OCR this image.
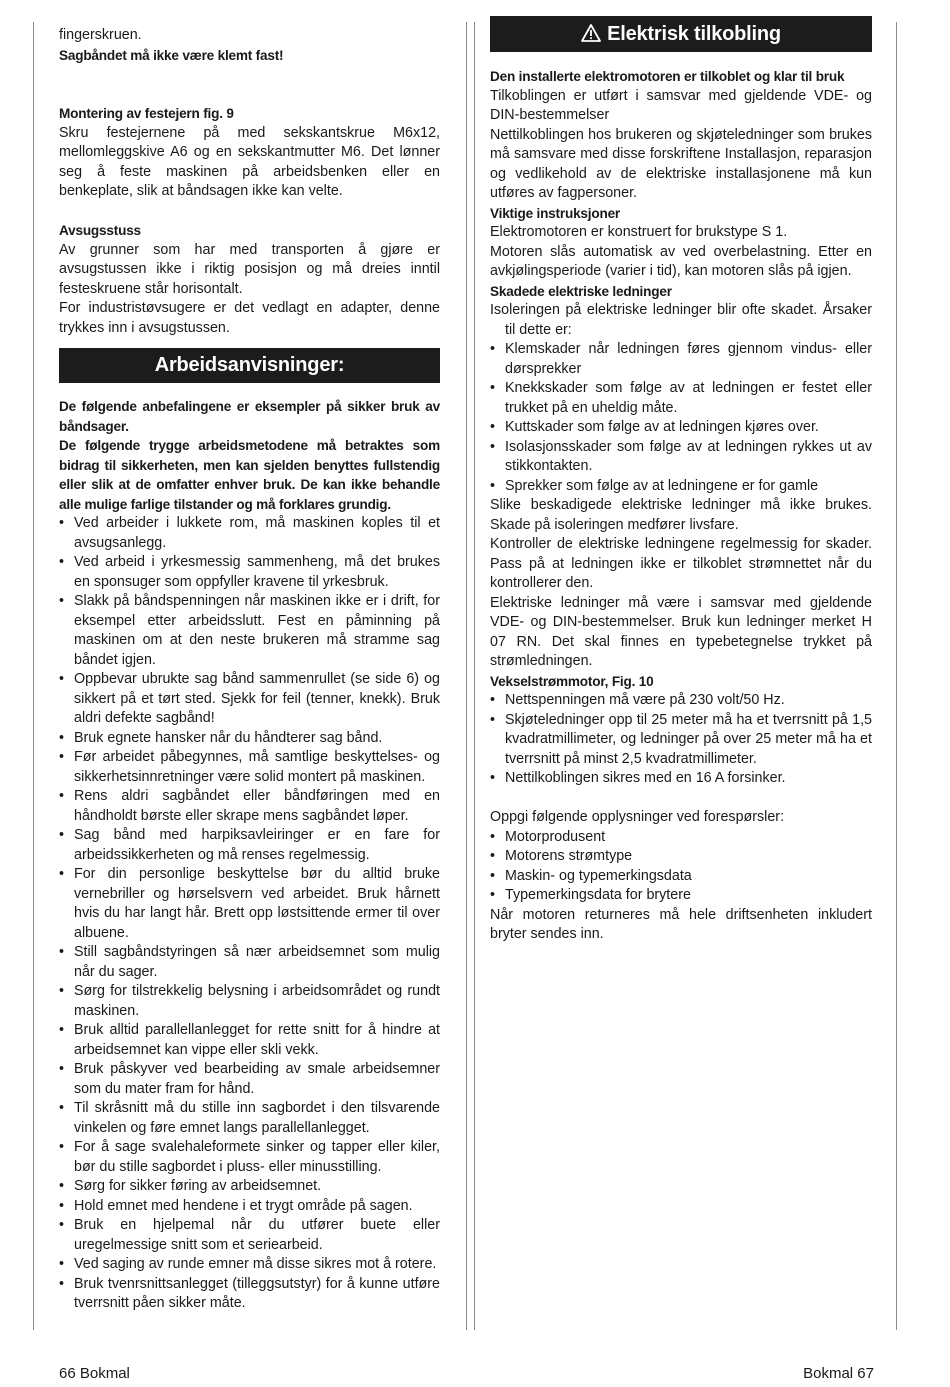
fingerskruen.

Sagbåndet må ikke være klemt fast!

Montering av festejern fig. 9

Skru festejernene på med sekskantskrue M6x12, mellomleggskive A6 og en sekskantmutter M6. Det lønner seg å feste maskinen på arbeidsbenken eller en benkeplate, slik at båndsagen ikke kan velte.

Avsugsstuss

Av grunner som har med transporten å gjøre er avsugstussen ikke i riktig posisjon og må dreies inntil festeskruene står horisontalt.

For industristøvsugere er det vedlagt en adapter, denne trykkes inn i avsugstussen.

Arbeidsanvisninger:

De følgende anbefalingene er eksempler på sikker bruk av båndsager.

De følgende trygge arbeidsmetodene må betraktes som bidrag til sikkerheten, men kan sjelden benyttes fullstendig eller slik at de omfatter enhver bruk. De kan ikke behandle alle mulige farlige tilstander og må forklares grundig.

• Ved arbeider i lukkete rom, må maskinen koples til et avsugsanlegg.
• Ved arbeid i yrkesmessig sammenheng, må det brukes en sponsuger som oppfyller kravene til yrkesbruk.
• Slakk på båndspenningen når maskinen ikke er i drift, for eksempel etter arbeidsslutt. Fest en påminning på maskinen om at den neste brukeren må stramme sag båndet igjen.
• Oppbevar ubrukte sag bånd sammenrullet (se side 6) og sikkert på et tørt sted. Sjekk for feil (tenner, knekk). Bruk aldri defekte sagbånd!
• Bruk egnete hansker når du håndterer sag bånd.
• Før arbeidet påbegynnes, må samtlige beskyttelses- og sikkerhetsinnretninger være solid montert på maskinen.
• Rens aldri sagbåndet eller båndføringen med en håndholdt børste eller skrape mens sagbåndet løper.
• Sag bånd med harpiksavleiringer er en fare for arbeidssikkerheten og må renses regelmessig.
• For din personlige beskyttelse bør du alltid bruke vernebriller og hørselsvern ved arbeidet. Bruk hårnett hvis du har langt hår. Brett opp løstsittende ermer til over albuene.
• Still sagbåndstyringen så nær arbeidsemnet som mulig når du sager.
• Sørg for tilstrekkelig belysning i arbeidsområdet og rundt maskinen.
• Bruk alltid parallellanlegget for rette snitt for å hindre at arbeidsemnet kan vippe eller skli vekk.
• Bruk påskyver ved bearbeiding av smale arbeidsemner som du mater fram for hånd.
• Til skråsnitt må du stille inn sagbordet i den tilsvarende vinkelen og føre emnet langs parallellanlegget.
• For å sage svalehaleformete sinker og tapper eller kiler, bør du stille sagbordet i pluss- eller minusstilling.
• Sørg for sikker føring av arbeidsemnet.
• Hold emnet med hendene i et trygt område på sagen.
• Bruk en hjelpemal når du utfører buete eller uregelmessige snitt som et seriearbeid.
• Ved saging av runde emner må disse sikres mot å rotere.
• Bruk tvenrsnittsanlegget (tilleggsutstyr) for å kunne utføre tverrsnitt påen sikker måte.
Elektrisk tilkobling

Den installerte elektromotoren er tilkoblet og klar til bruk

Tilkoblingen er utført i samsvar med gjeldende VDE- og DIN-bestemmelser

Nettilkoblingen hos brukeren og skjøteledninger som brukes må samsvare med disse forskriftene Installasjon, reparasjon og vedlikehold av de elektriske installasjonene må kun utføres av fagpersoner.

Viktige instruksjoner

Elektromotoren er konstruert for brukstype S 1.

Motoren slås automatisk av ved overbelastning. Etter en avkjølingsperiode (varier i tid), kan motoren slås på igjen.

Skadede elektriske ledninger

Isoleringen på elektriske ledninger blir ofte skadet. Årsaker til dette er:

• Klemskader når ledningen føres gjennom vindus- eller dørsprekker
• Knekkskader som følge av at ledningen er festet eller trukket på en uheldig måte.
• Kuttskader som følge av at ledningen kjøres over.
• Isolasjonsskader som følge av at ledningen rykkes ut av stikkontakten.
• Sprekker som følge av at ledningene er for gamle

Slike beskadigede elektriske ledninger må ikke brukes. Skade på isoleringen medfører livsfare.

Kontroller de elektriske ledningene regelmessig for skader. Pass på at ledningen ikke er tilkoblet strømnettet når du kontrollerer den.

Elektriske ledninger må være i samsvar med gjeldende VDE- og DIN-bestemmelser. Bruk kun ledninger merket H 07 RN. Det skal finnes en typebetegnelse trykket på strømledningen.

Vekselstrømmotor, Fig. 10

• Nettspenningen må være på 230 volt/50 Hz.
• Skjøteledninger opp til 25 meter må ha et tverrsnitt på 1,5 kvadratmillimeter, og ledninger på over 25 meter må ha et tverrsnitt på minst 2,5 kvadratmillimeter.
• Nettilkoblingen sikres med en 16 A forsinker.

Oppgi følgende opplysninger ved forespørsler:

• Motorprodusent
• Motorens strømtype
• Maskin- og typemerkingsdata
• Typemerkingsdata for brytere

Når motoren returneres må hele driftsenheten inkludert bryter sendes inn.

66 Bokmal	Bokmal 67
